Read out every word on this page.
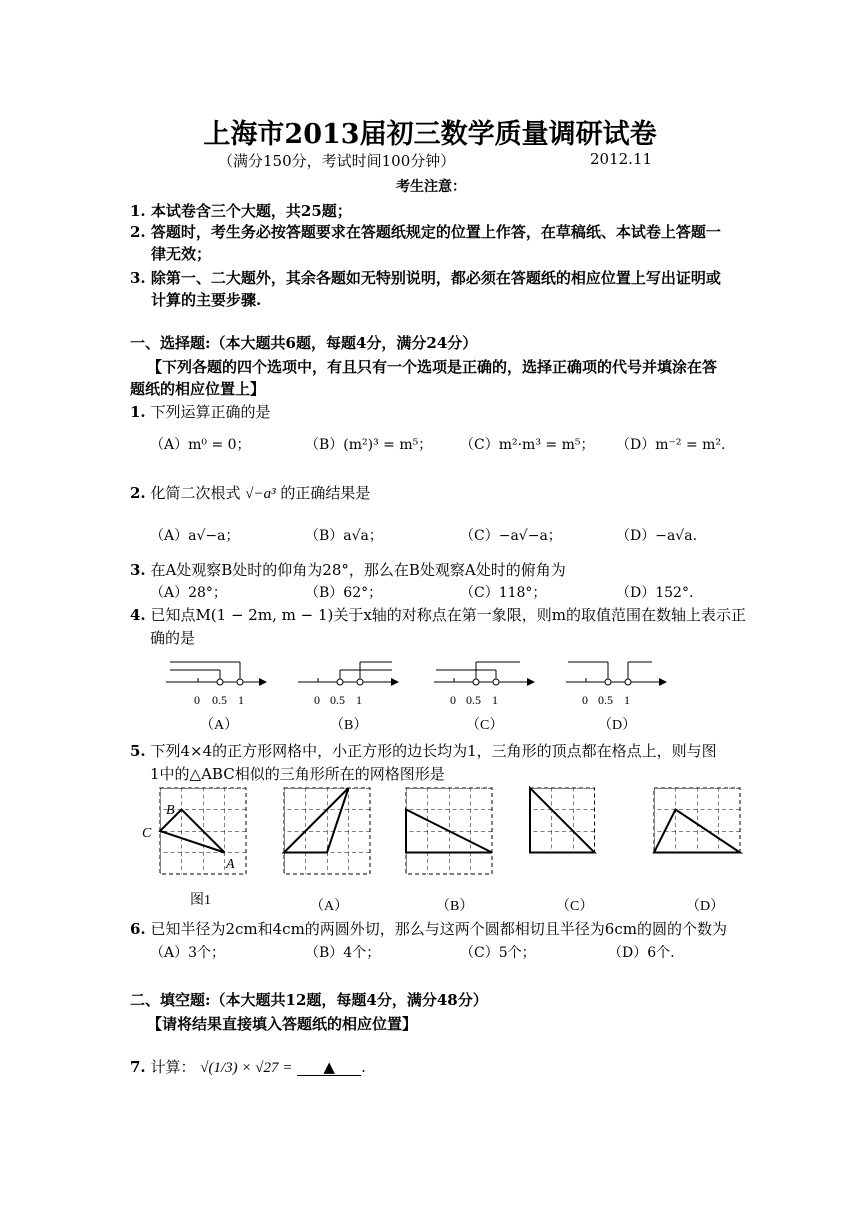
上海市2013届初三数学质量调研试卷
（满分150分，考试时间100分钟）	2012.11
考生注意：
1. 本试卷含三个大题，共25题；
2. 答题时，考生务必按答题要求在答题纸规定的位置上作答，在草稿纸、本试卷上答题一
律无效；
3. 除第一、二大题外，其余各题如无特别说明，都必须在答题纸的相应位置上写出证明或
计算的主要步骤.
一、选择题:（本大题共6题，每题4分，满分24分）
【下列各题的四个选项中，有且只有一个选项是正确的，选择正确项的代号并填涂在答
题纸的相应位置上】
1. 下列运算正确的是
（A）m⁰ = 0；	（B）(m²)³ = m⁵； （C）m²·m³ = m⁵； （D）m⁻² = m².
2. 化简二次根式 √−a³ 的正确结果是
（A）a√−a；	（B）a√a；	（C）−a√−a；	（D）−a√a.
3. 在A处观察B处时的仰角为28°，那么在B处观察A处时的俯角为
（A）28°；	（B）62°；	（C）118°；	（D）152°.
4. 已知点M(1 − 2m, m − 1)关于x轴的对称点在第一象限，则m的取值范围在数轴上表示正
确的是
0 0.5 1
（A）
0 0.5 1
（B）
0 0.5 1
（C）
0 0.5 1
（D）
5. 下列4×4的正方形网格中，小正方形的边长均为1，三角形的顶点都在格点上，则与图
1中的△ABC相似的三角形所在的网格图形是
B
C
A
图1	（A）	（B）	（C）	（D）
6. 已知半径为2cm和4cm的两圆外切，那么与这两个圆都相切且半径为6cm的圆的个数为
（A）3个；	（B）4个；	（C）5个；	（D）6个.
二、填空题:（本大题共12题，每题4分，满分48分）
【请将结果直接填入答题纸的相应位置】
7. 计算： √(1/3) × √27 = ▲ .
